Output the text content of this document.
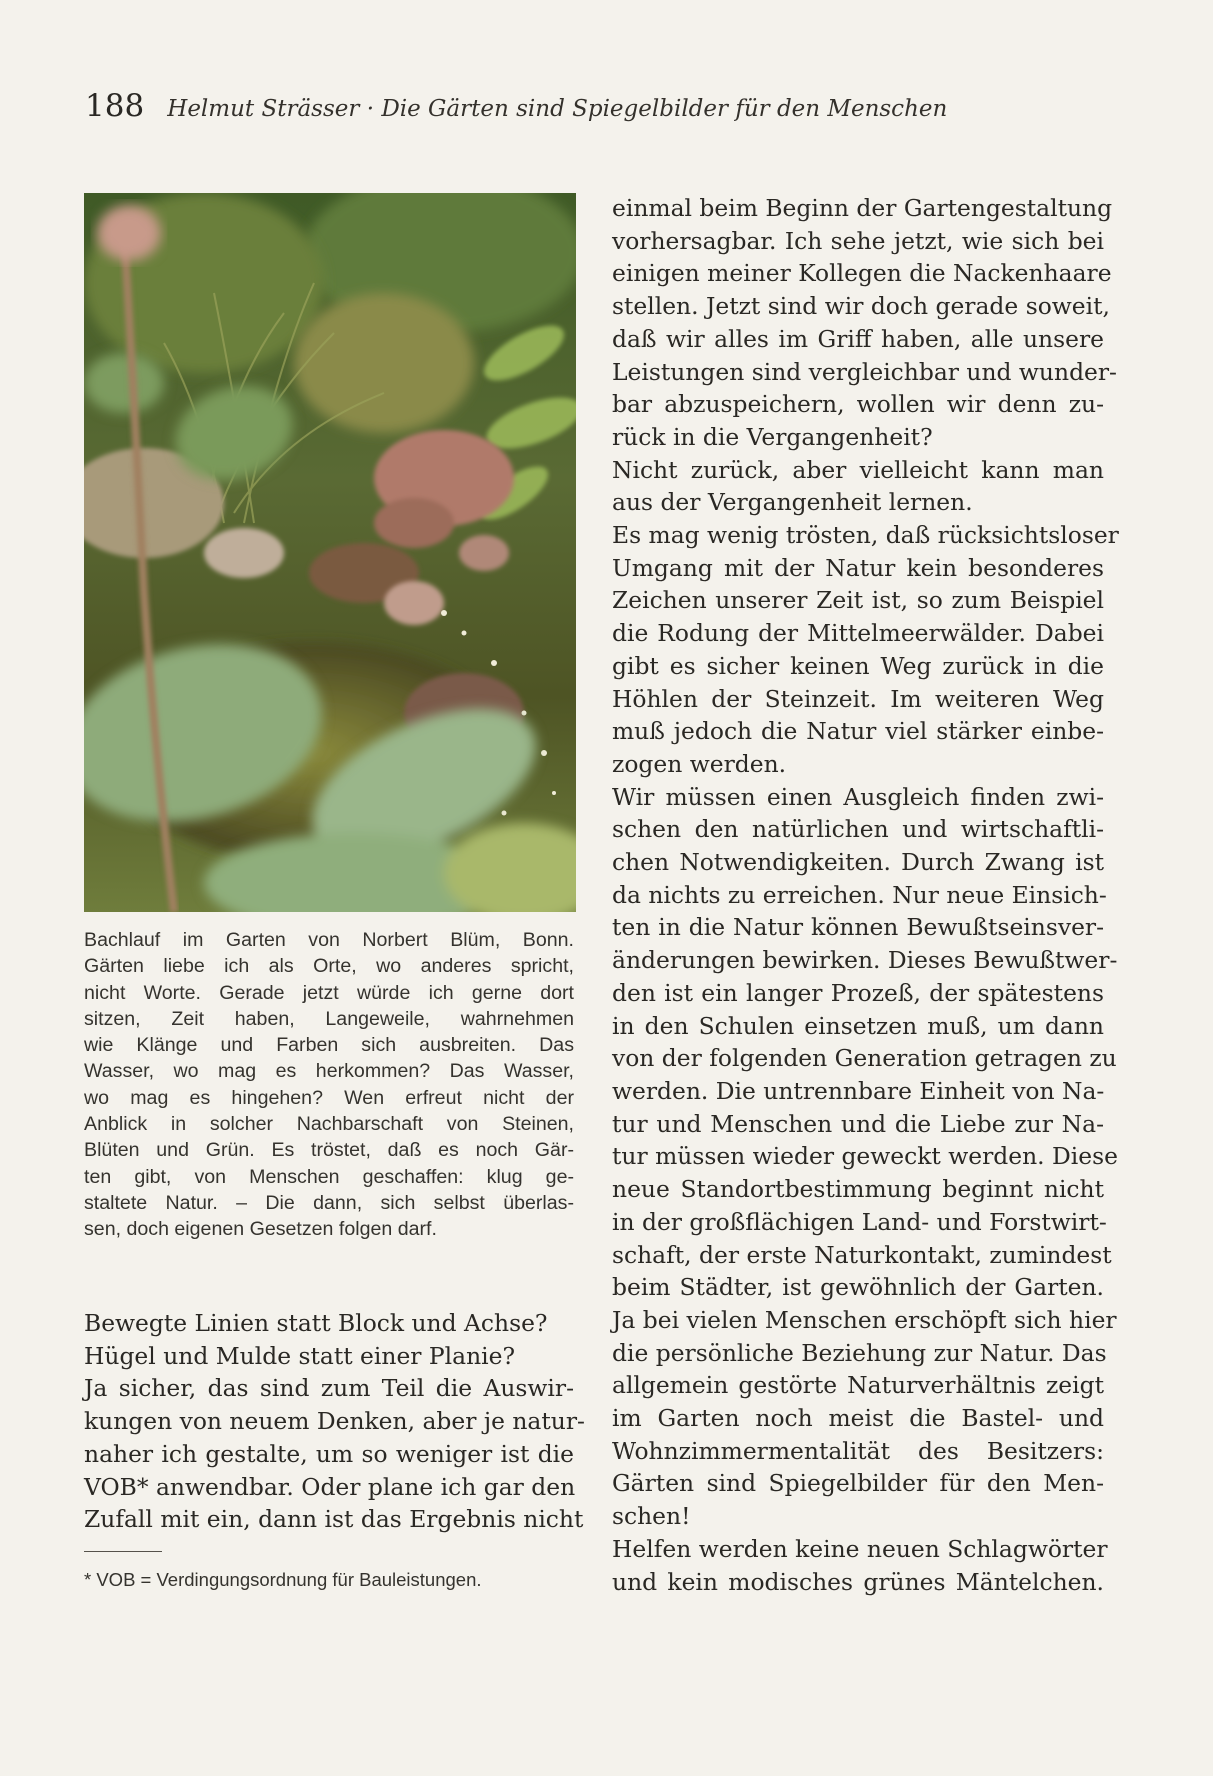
188 Helmut Strässer · Die Gärten sind Spiegelbilder für den Menschen
Bachlauf im Garten von Norbert Blüm, Bonn.
Gärten liebe ich als Orte, wo anderes spricht,
nicht Worte. Gerade jetzt würde ich gerne dort
sitzen, Zeit haben, Langeweile, wahrnehmen
wie Klänge und Farben sich ausbreiten. Das
Wasser, wo mag es herkommen? Das Wasser,
wo mag es hingehen? Wen erfreut nicht der
Anblick in solcher Nachbarschaft von Steinen,
Blüten und Grün. Es tröstet, daß es noch Gär-
ten gibt, von Menschen geschaffen: klug ge-
staltete Natur. – Die dann, sich selbst überlas-
sen, doch eigenen Gesetzen folgen darf.
Bewegte Linien statt Block und Achse?
Hügel und Mulde statt einer Planie?
Ja sicher, das sind zum Teil die Auswir-
kungen von neuem Denken, aber je natur-
naher ich gestalte, um so weniger ist die
VOB* anwendbar. Oder plane ich gar den
Zufall mit ein, dann ist das Ergebnis nicht
* VOB = Verdingungsordnung für Bauleistungen.
einmal beim Beginn der Gartengestaltung
vorhersagbar. Ich sehe jetzt, wie sich bei
einigen meiner Kollegen die Nackenhaare
stellen. Jetzt sind wir doch gerade soweit,
daß wir alles im Griff haben, alle unsere
Leistungen sind vergleichbar und wunder-
bar abzuspeichern, wollen wir denn zu-
rück in die Vergangenheit?
Nicht zurück, aber vielleicht kann man
aus der Vergangenheit lernen.
Es mag wenig trösten, daß rücksichtsloser
Umgang mit der Natur kein besonderes
Zeichen unserer Zeit ist, so zum Beispiel
die Rodung der Mittelmeerwälder. Dabei
gibt es sicher keinen Weg zurück in die
Höhlen der Steinzeit. Im weiteren Weg
muß jedoch die Natur viel stärker einbe-
zogen werden.
Wir müssen einen Ausgleich finden zwi-
schen den natürlichen und wirtschaftli-
chen Notwendigkeiten. Durch Zwang ist
da nichts zu erreichen. Nur neue Einsich-
ten in die Natur können Bewußtseinsver-
änderungen bewirken. Dieses Bewußtwer-
den ist ein langer Prozeß, der spätestens
in den Schulen einsetzen muß, um dann
von der folgenden Generation getragen zu
werden. Die untrennbare Einheit von Na-
tur und Menschen und die Liebe zur Na-
tur müssen wieder geweckt werden. Diese
neue Standortbestimmung beginnt nicht
in der großflächigen Land- und Forstwirt-
schaft, der erste Naturkontakt, zumindest
beim Städter, ist gewöhnlich der Garten.
Ja bei vielen Menschen erschöpft sich hier
die persönliche Beziehung zur Natur. Das
allgemein gestörte Naturverhältnis zeigt
im Garten noch meist die Bastel- und
Wohnzimmermentalität des Besitzers:
Gärten sind Spiegelbilder für den Men-
schen!
Helfen werden keine neuen Schlagwörter
und kein modisches grünes Mäntelchen.
